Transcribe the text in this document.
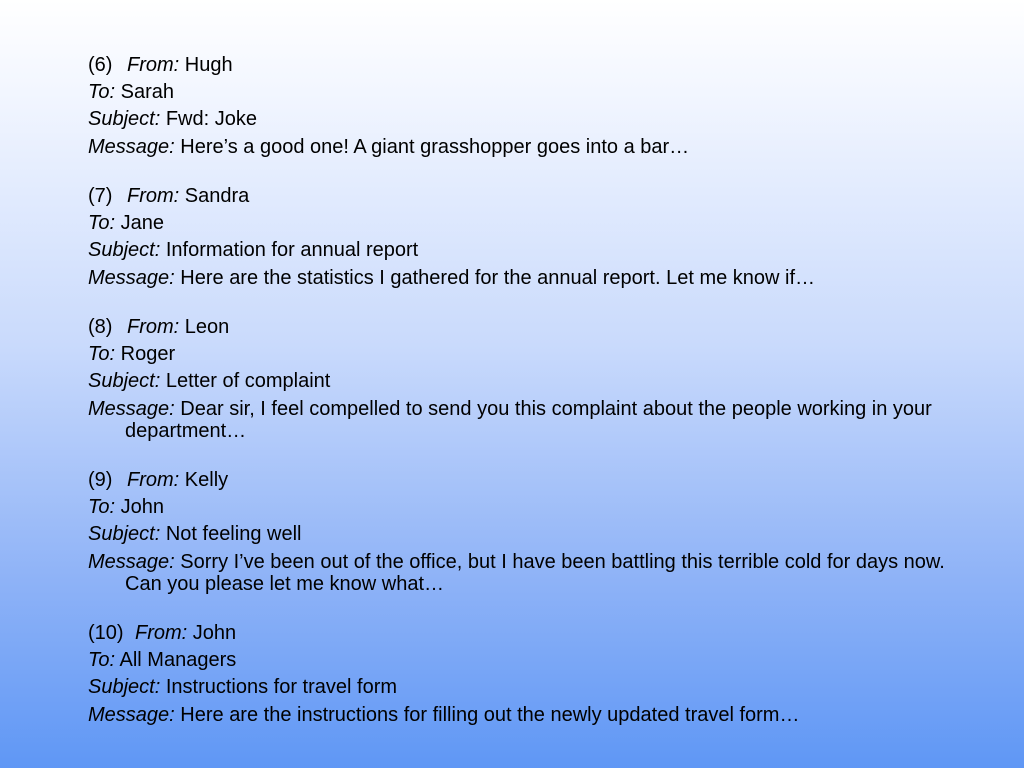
(6) From: Hugh
To: Sarah
Subject: Fwd: Joke
Message: Here’s a good one! A giant grasshopper goes into a bar…
(7) From: Sandra
To: Jane
Subject: Information for annual report
Message: Here are the statistics I gathered for the annual report. Let me know if…
(8) From: Leon
To: Roger
Subject: Letter of complaint
Message: Dear sir, I feel compelled to send you this complaint about the people working in your department…
(9) From: Kelly
To: John
Subject: Not feeling well
Message: Sorry I’ve been out of the office, but I have been battling this terrible cold for days now. Can you please let me know what…
(10) From: John
To: All Managers
Subject: Instructions for travel form
Message: Here are the instructions for filling out the newly updated travel form…
